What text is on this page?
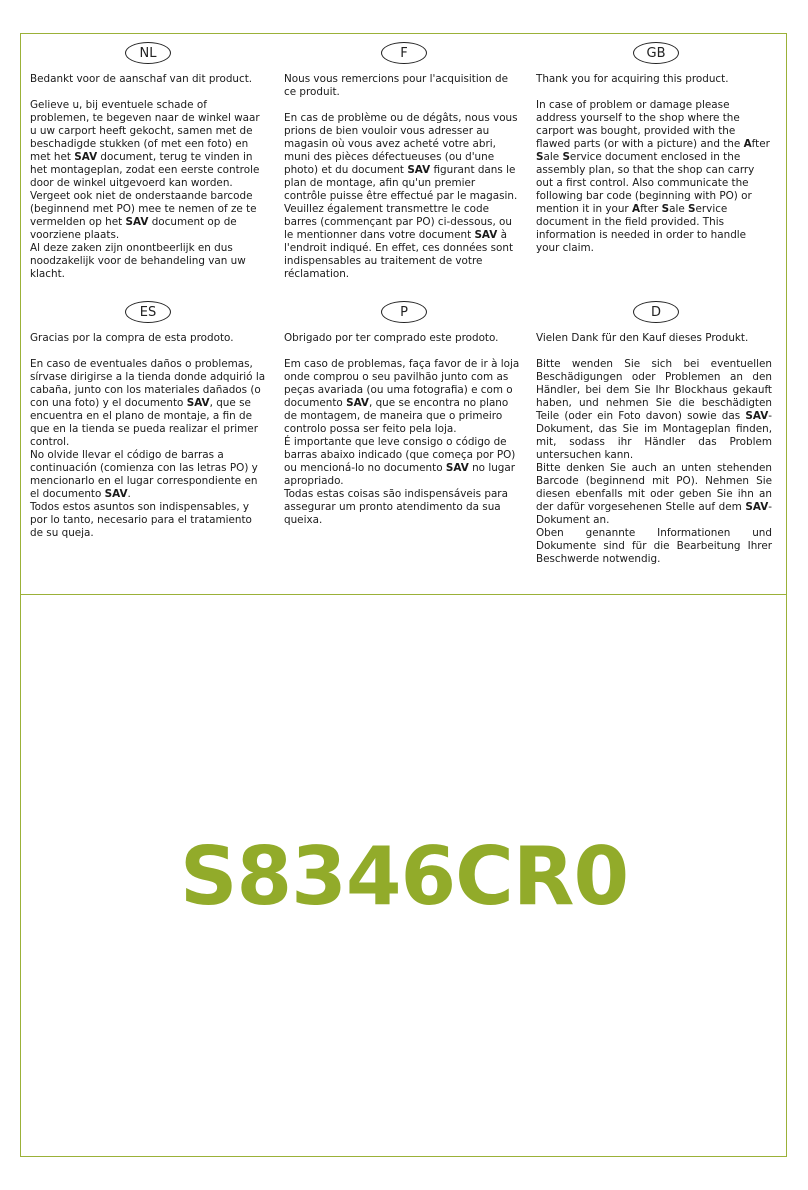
NL

Bedankt voor de aanschaf van dit product.

Gelieve u, bij eventuele schade of problemen, te begeven naar de winkel waar u uw carport heeft gekocht, samen met de beschadigde stukken (of met een foto) en met het SAV document, terug te vinden in het montageplan, zodat een eerste controle door de winkel uitgevoerd kan worden. Vergeet ook niet de onderstaande barcode (beginnend met PO) mee te nemen of ze te vermelden op het SAV document op de voorziene plaats.

Al deze zaken zijn onontbeerlijk en dus noodzakelijk voor de behandeling van uw klacht.

F

Nous vous remercions pour l'acquisition de ce produit.

En cas de problème ou de dégâts, nous vous prions de bien vouloir vous adresser au magasin où vous avez acheté votre abri, muni des pièces défectueuses (ou d'une photo) et du document SAV figurant dans le plan de montage, afin qu'un premier contrôle puisse être effectué par le magasin. Veuillez également transmettre le code barres (commençant par PO) ci-dessous, ou le mentionner dans votre document SAV à l'endroit indiqué. En effet, ces données sont indispensables au traitement de votre réclamation.

GB

Thank you for acquiring this product.

In case of problem or damage please address yourself to the shop where the carport was bought, provided with the flawed parts (or with a picture) and the After Sale Service document enclosed in the assembly plan, so that the shop can carry out a first control. Also communicate the following bar code (beginning with PO) or mention it in your After Sale Service document in the field provided. This information is needed in order to handle your claim.

ES

Gracias por la compra de esta prodoto.

En caso de eventuales daños o problemas, sírvase dirigirse a la tienda donde adquirió la cabaña, junto con los materiales dañados (o con una foto) y el documento SAV, que se encuentra en el plano de montaje, a fin de que en la tienda se pueda realizar el primer control.

No olvide llevar el código de barras a continuación (comienza con las letras PO) y mencionarlo en el lugar correspondiente en el documento SAV.

Todos estos asuntos son indispensables, y por lo tanto, necesario para el tratamiento de su queja.

P

Obrigado por ter comprado este prodoto.

Em caso de problemas, faça favor de ir à loja onde comprou o seu pavilhão junto com as peças avariada (ou uma fotografia) e com o documento SAV, que se encontra no plano de montagem, de maneira que o primeiro controlo possa ser feito pela loja.

É importante que leve consigo o código de barras abaixo indicado (que começa por PO) ou mencioná-lo no documento SAV no lugar apropriado.

Todas estas coisas são indispensáveis para assegurar um pronto atendimento da sua queixa.

D

Vielen Dank für den Kauf dieses Produkt.

Bitte wenden Sie sich bei eventuellen Beschädigungen oder Problemen an den Händler, bei dem Sie Ihr Blockhaus gekauft haben, und nehmen Sie die beschädigten Teile (oder ein Foto davon) sowie das SAV-Dokument, das Sie im Montageplan finden, mit, sodass ihr Händler das Problem untersuchen kann.

Bitte denken Sie auch an unten stehenden Barcode (beginnend mit PO). Nehmen Sie diesen ebenfalls mit oder geben Sie ihn an der dafür vorgesehenen Stelle auf dem SAV-Dokument an.

Oben genannte Informationen und Dokumente sind für die Bearbeitung Ihrer Beschwerde notwendig.

S8346CR0
